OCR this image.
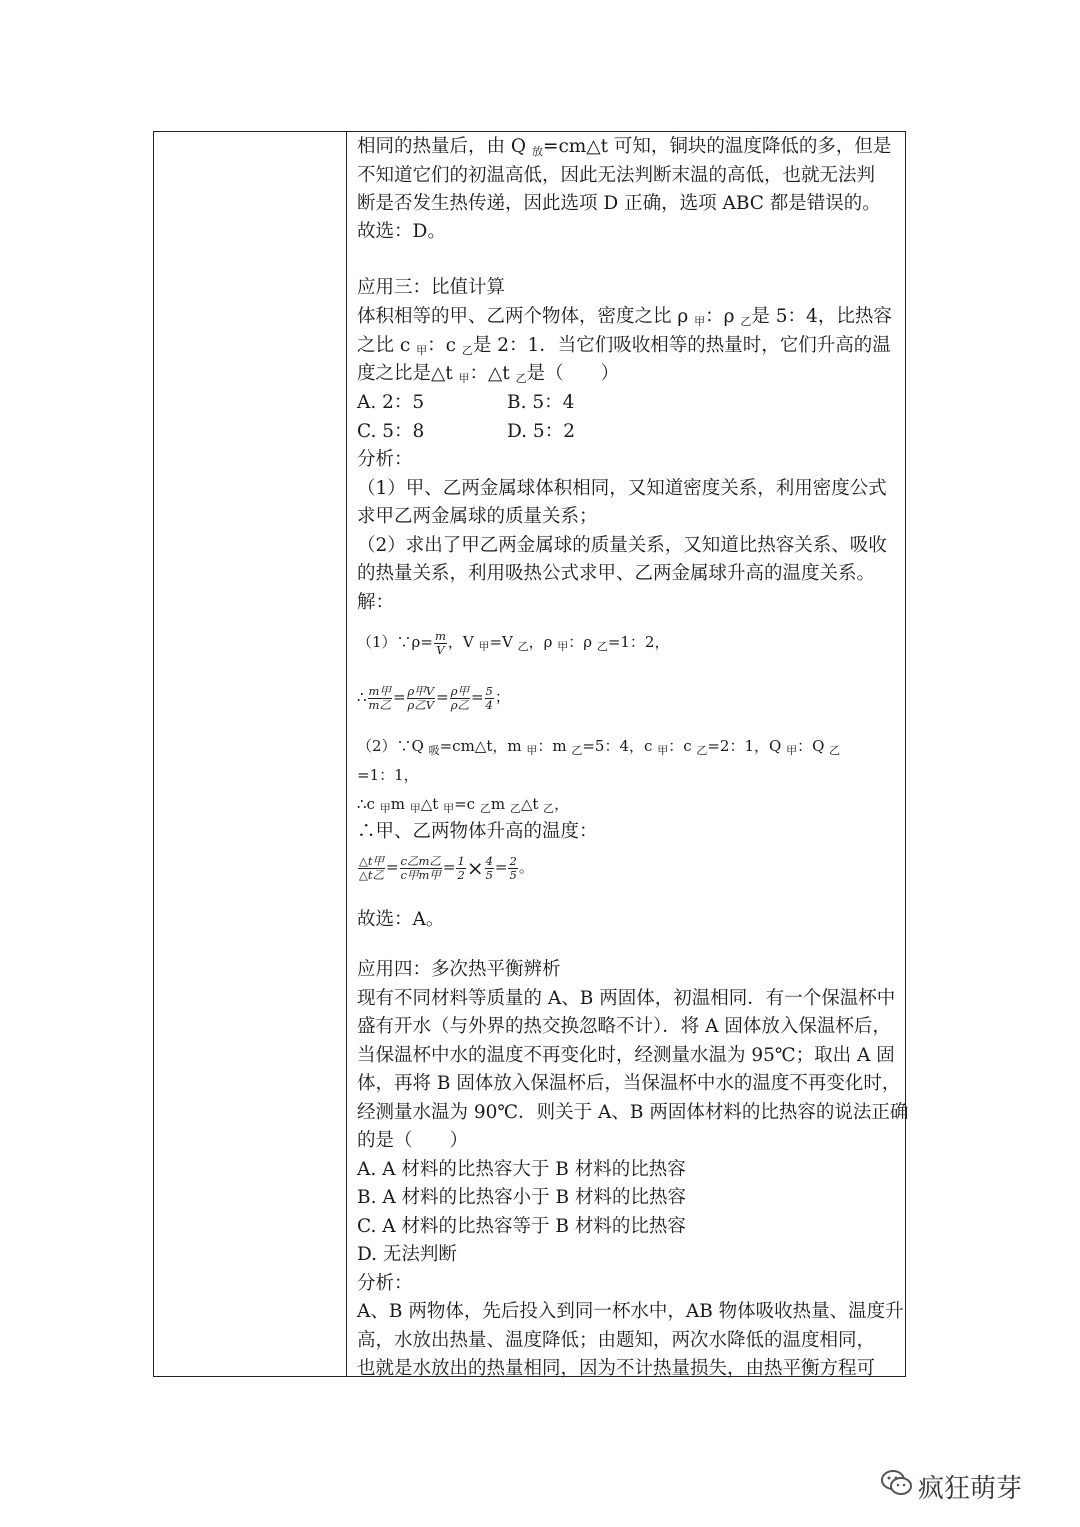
相同的热量后，由 Q $_放$=cm△t 可知，铜块的温度降低的多，但是
不知道它们的初温高低，因此无法判断末温的高低，也就无法判
断是否发生热传递，因此选项 D 正确，选项 ABC 都是错误的。
故选：D。
应用三：比值计算
体积相等的甲、乙两个物体，密度之比 ρ $_甲$：ρ $_乙$是 5：4，比热容
之比 c $_甲$：c $_乙$是 2：1．当它们吸收相等的热量时，它们升高的温
度之比是△t $_甲$：△t $_乙$是（　　）
A. 2：5	B. 5：4
C. 5：8	D. 5：2
分析：
（1）甲、乙两金属球体积相同，又知道密度关系，利用密度公式
求甲乙两金属球的质量关系；
（2）求出了甲乙两金属球的质量关系，又知道比热容关系、吸收
的热量关系，利用吸热公式求甲、乙两金属球升高的温度关系。
解：
（1）∵ρ= $\frac{m}{V}$ ，V $_甲$=V $_乙$，ρ $_甲$：ρ $_乙$=1：2，
∴ $\frac{\text{m甲}}{\text{m乙}} = \frac{\text{ρ甲V}}{\text{ρ乙V}} = \frac{\text{ρ甲}}{\text{ρ乙}} = \frac{5}{4}$ ；
（2）∵Q $_吸$=cm△t，m $_甲$：m $_乙$=5：4，c $_甲$：c $_乙$=2：1，Q $_甲$：Q $_乙$
=1：1，
∴c $_甲$m $_甲$△t $_甲$=c $_乙$m $_乙$△t $_乙$，
∴甲、乙两物体升高的温度：
$\frac{\text{△t甲}}{\text{△t乙}} = \frac{\text{c乙m乙}}{\text{c甲m甲}} = \frac{1}{2} \times \frac{4}{5} = \frac{2}{5}$ 。
故选：A。
应用四：多次热平衡辨析
现有不同材料等质量的 A、B 两固体，初温相同．有一个保温杯中
盛有开水（与外界的热交换忽略不计）．将 A 固体放入保温杯后，
当保温杯中水的温度不再变化时，经测量水温为 95℃；取出 A 固
体，再将 B 固体放入保温杯后，当保温杯中水的温度不再变化时，
经测量水温为 90℃．则关于 A、B 两固体材料的比热容的说法正确
的是（　　）
A. A 材料的比热容大于 B 材料的比热容
B. A 材料的比热容小于 B 材料的比热容
C. A 材料的比热容等于 B 材料的比热容
D. 无法判断
分析：
A、B 两物体，先后投入到同一杯水中，AB 物体吸收热量、温度升
高，水放出热量、温度降低；由题知，两次水降低的温度相同，
也就是水放出的热量相同，因为不计热量损失，由热平衡方程可
疯狂萌芽
